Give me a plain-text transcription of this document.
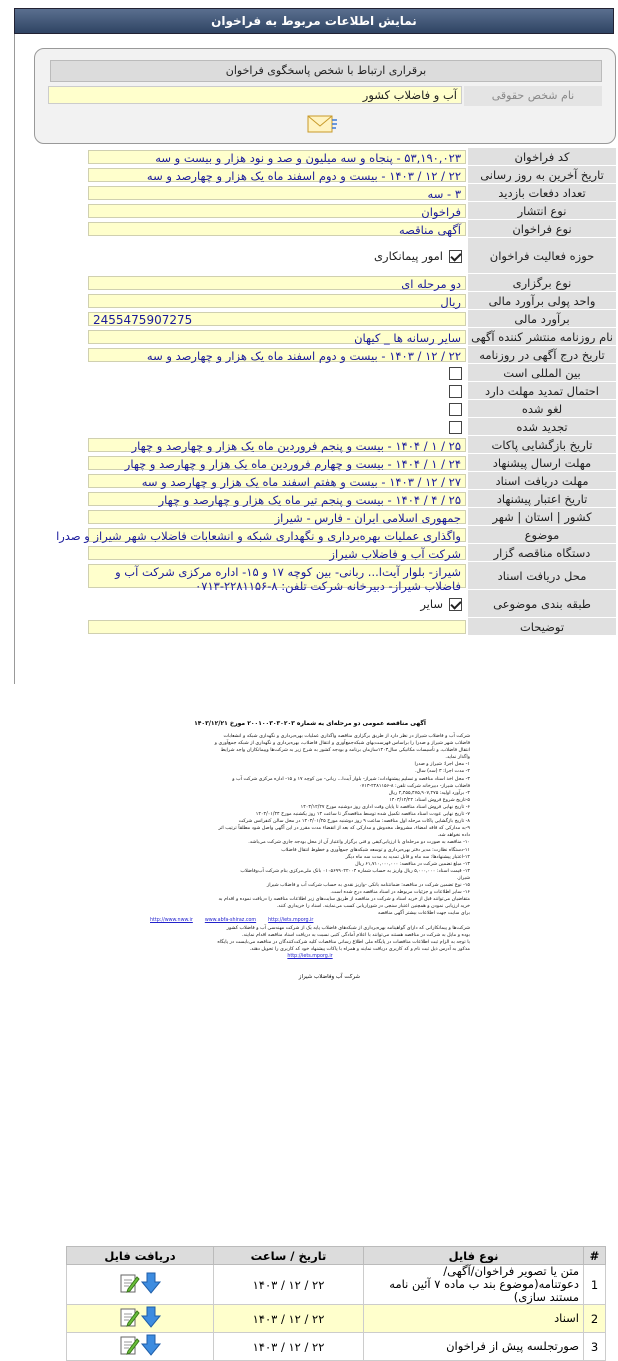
نمایش اطلاعات مربوط به فراخوان
برقراری ارتباط با شخص پاسخگوی فراخوان
نام شخص حقوقی
آب و فاضلاب کشور
کد فراخوان
۵۳,۱۹۰,۰۲۳ - پنجاه و سه میلیون و صد و نود هزار و بیست و سه
تاریخ آخرین به روز رسانی
۲۲ / ۱۲ / ۱۴۰۳ - بیست و دوم اسفند ماه یک هزار و چهارصد و سه
تعداد دفعات بازدید
۳ - سه
نوع انتشار
فراخوان
نوع فراخوان
آگهی مناقصه
حوزه فعالیت فراخوان
امور پیمانکاری
نوع برگزاری
دو مرحله ای
واحد پولی برآورد مالی
ریال
برآورد مالی
2455475907275
نام روزنامه منتشر کننده آگهی
سایر رسانه ها _ کیهان
تاریخ درج آگهی در روزنامه
۲۲ / ۱۲ / ۱۴۰۳ - بیست و دوم اسفند ماه یک هزار و چهارصد و سه
بین المللی است
احتمال تمدید مهلت دارد
لغو شده
تجدید شده
تاریخ بازگشایی پاکات
۲۵ / ۱ / ۱۴۰۴ - بیست و پنجم فروردین ماه یک هزار و چهارصد و چهار
مهلت ارسال پیشنهاد
۲۴ / ۱ / ۱۴۰۴ - بیست و چهارم فروردین ماه یک هزار و چهارصد و چهار
مهلت دریافت اسناد
۲۷ / ۱۲ / ۱۴۰۳ - بیست و هفتم اسفند ماه یک هزار و چهارصد و سه
تاریخ اعتبار پیشنهاد
۲۵ / ۴ / ۱۴۰۴ - بیست و پنجم تیر ماه یک هزار و چهارصد و چهار
کشور | استان | شهر
جمهوری اسلامی ایران - فارس - شیراز
موضوع
واگذاری عملیات بهره‌برداری و نگهداری شبکه و انشعابات فاضلاب شهر شیراز و صدرا
دستگاه مناقصه گزار
شرکت آب و فاضلاب شیراز
محل دریافت اسناد
شیراز- بلوار آیت‌ا... ربانی- بین کوچه ۱۷ و ۱۵- اداره مرکزی شرکت آب و فاضلاب شیراز- دبیرخانه شرکت تلفن: ۸-۲۲۸۱۱۵۶-۰۷۱۳
طبقه بندی موضوعی
سایر
توضیحات
آگهی مناقصه عمومی دو مرحله‌ای به شماره ۲۰۰۱۰۰۳۰۳۰۲۰۳ مورخ ۱۴۰۳/۱۲/۲۱

شرکت آب و فاضلاب شیراز در نظر دارد از طریق برگزاری مناقصه واگذاری عملیات بهره‌برداری و نگهداری شبکه و انشعابات

فاضلاب شهر شیراز و صدرا را براساس فهرست‌بهای شبکه‌جمع‌آوری و انتقال فاضلاب، بهره‌برداری و نگهداری از شبکه جمع‌آوری و

انتقال فاضلاب، و تأسیسات مکانیکی سال۱۴۰۳سازمان برنامه و بودجه کشور به شرح زیر به شرکت‌ها وپیمانکاران واجد شرایط

واگذار نماید.

۱- محل اجرا: شیراز و صدرا

۲- مدت اجرا: ۳ (سه) سال.

۳- محل اخذ اسناد مناقصه و تسلیم پیشنهادات: شیراز- بلوار آیت‌ا... ربانی- بین کوچه ۱۷ و ۱۵- اداره مرکزی شرکت آب و

فاضلاب شیراز- دبیرخانه شرکت تلفن: ۸-۲۲۸۱۱۵۶-۰۷۱۳

۴- برآورد اولیه: ۲,۴۵۵,۴۷۵,۹۰۷,۲۷۵ ریال

۵-تاریخ شروع فروش اسناد: ۱۴۰۳/۱۲/۲۲

۶- تاریخ نهایی فروش اسناد مناقصه تا پایان وقت اداری روز دوشنبه مورخ ۱۴۰۳/۱۲/۲۷

۷- تاریخ نهایی عودت اسناد مناقصه تکمیل شده توسط مناقصه‌گر تا ساعت ۱۴ روز یکشنبه مورخ ۱۴۰۴/۰۱/۲۴

۸- تاریخ بازگشایی پاکات مرحله اول مناقصه: ساعت ۹ روز دوشنبه مورخ ۱۴۰۴/۰۱/۲۵ در محل سالن کنفرانس شرکت

۹-به مدارکی که فاقد امضاء، مشروط، مخدوش و مدارکی که بعد از انقضاء مدت مقرر در این آگهی واصل شود مطلقاً ترتیب اثر

داده نخواهد شد.

۱۰- مناقصه به صورت دو مرحله‌ای با ارزیابی‌کیفی و فنی برگزار واعتبار آن از محل بودجه جاری شرکت می‌باشد.

۱۱-دستگاه نظارت: مدیر دفتر بهره‌برداری و توسعه شبکه‌های جمع‌آوری و خطوط انتقال فاضلاب

۱۲-اعتبار پیشنهادها: سه ماه و قابل تمدید به مدت سه ماه دیگر

۱۳- مبلغ تضمین شرکت در مناقصه: ۶۱,۷۱۰,۰۰۰,۰۰۰ ریال

۱۴- قیمت اسناد: ۵,۰۰۰,۰۰۰ ریال واریز به حساب شماره ۰۱۰۵۶۹۹۰۲۲۰۰۴ بانک ملی‌مرکزی بنام شرکت آب‌وفاضلاب

شیراز.

۱۵- نوع تضمین شرکت در مناقصه: ضمانتنامه بانکی -واریز نقدی به حساب شرکت آب و فاضلاب شیراز

۱۶- سایر اطلاعات و جزئیات مربوطه در اسناد مناقصه درج شده است.

متقاضیان می‌توانند قبل از خرید اسناد و شرکت در مناقصه از طریق سایت‌های زیر اطلاعات مناقصه را دریافت نموده و اقدام به

خرید ارزیابی نمودن و همچنین اعتبار سنجی در شوراریابی کسب می‌نمایند. اسناد را خریداری کنند.

برای سایت جهت اطلاعات بیشتر آگهی مناقصه

http://www.nww.ir	www.abfa-shiraz.com	http://iets.mporg.ir

شرکت‌ها و پیمانکارانی که دارای گواهینامه بهره‌برداری از شبکه‌های فاضلاب پایه یک از شرکت مهندسی آب و فاضلاب کشور

بوده و مایل به شرکت در مناقصه هستند می‌توانند با اعلام آمادگی کتبی نسبت به دریافت اسناد مناقصه اقدام نمایند.

با توجه به الزام ثبت اطلاعات مناقصات در پایگاه ملی اطلاع رسانی مناقصات کلیه شرکت‌کنندگان در مناقصه می‌بایست در پایگاه

مذکور به آدرس ذیل ثبت نام و کد کاربری دریافت نمایند و همراه با پاکات پیشنهاد خود کد کاربری را تحویل دهند.

http://iets.mporg.ir

شرکت آب وفاضلاب شیراز
#	نوع فایل	تاریخ / ساعت	دریافت فایل
1	متن یا تصویر فراخوان/آگهی/دعوتنامه(موضوع بند ب ماده ۷ آئین نامه مستند سازی)	۲۲ / ۱۲ / ۱۴۰۳	

2	اسناد	۲۲ / ۱۲ / ۱۴۰۳	

3	صورتجلسه پیش از فراخوان	۲۲ / ۱۲ / ۱۴۰۳	
